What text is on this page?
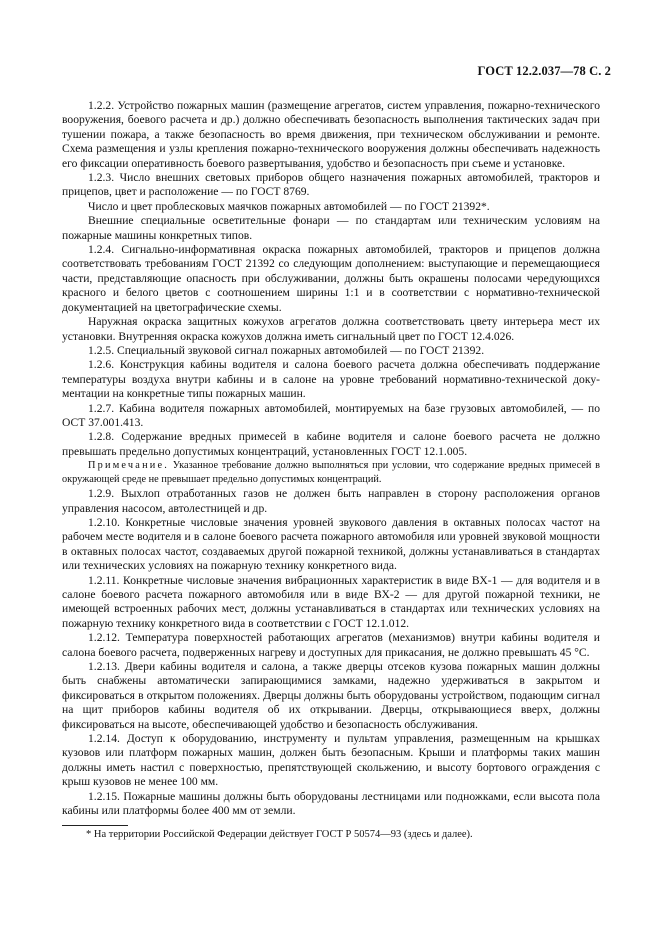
ГОСТ 12.2.037—78 С. 2

1.2.2. Устройство пожарных машин (размещение агрегатов, систем управления, пожарно-технического вооружения, боевого расчета и др.) должно обеспечивать безопасность выполнения тактических задач при тушении пожара, а также безопасность во время движения, при техническом обслуживании и ремонте. Схема размещения и узлы крепления пожарно-технического вооружения должны обеспечивать надежность его фиксации оперативность боевого развертывания, удобство и безопасность при съеме и установке.

1.2.3. Число внешних световых приборов общего назначения пожарных автомобилей, тракторов и прицепов, цвет и расположение — по ГОСТ 8769.

Число и цвет проблесковых маячков пожарных автомобилей — по ГОСТ 21392*.

Внешние специальные осветительные фонари — по стандартам или техническим условиям на пожарные машины конкретных типов.

1.2.4. Сигнально-информативная окраска пожарных автомобилей, тракторов и прицепов должна соответствовать требованиям ГОСТ 21392 со следующим дополнением: выступающие и перемещающиеся части, представляющие опасность при обслуживании, должны быть окрашены полосами чередующихся красного и белого цветов с соотношением ширины 1:1 и в соответствии с нормативно-технической документацией на цветографические схемы.

Наружная окраска защитных кожухов агрегатов должна соответствовать цвету интерьера мест их установки. Внутренняя окраска кожухов должна иметь сигнальный цвет по ГОСТ 12.4.026.

1.2.5. Специальный звуковой сигнал пожарных автомобилей — по ГОСТ 21392.

1.2.6. Конструкция кабины водителя и салона боевого расчета должна обеспечивать поддержание температуры воздуха внутри кабины и в салоне на уровне требований нормативно-технической документации на конкретные типы пожарных машин.

1.2.7. Кабина водителя пожарных автомобилей, монтируемых на базе грузовых автомобилей, — по ОСТ 37.001.413.

1.2.8. Содержание вредных примесей в кабине водителя и салоне боевого расчета не должно превышать предельно допустимых концентраций, установленных ГОСТ 12.1.005.

Примечание. Указанное требование должно выполняться при условии, что содержание вредных примесей в окружающей среде не превышает предельно допустимых концентраций.

1.2.9. Выхлоп отработанных газов не должен быть направлен в сторону расположения органов управления насосом, автолестницей и др.

1.2.10. Конкретные числовые значения уровней звукового давления в октавных полосах частот на рабочем месте водителя и в салоне боевого расчета пожарного автомобиля или уровней звуковой мощности в октавных полосах частот, создаваемых другой пожарной техникой, должны устанавливаться в стандартах или технических условиях на пожарную технику конкретного вида.

1.2.11. Конкретные числовые значения вибрационных характеристик в виде ВХ-1 — для водителя и в салоне боевого расчета пожарного автомобиля или в виде ВХ-2 — для другой пожарной техники, не имеющей встроенных рабочих мест, должны устанавливаться в стандартах или технических условиях на пожарную технику конкретного вида в соответствии с ГОСТ 12.1.012.

1.2.12. Температура поверхностей работающих агрегатов (механизмов) внутри кабины водителя и салона боевого расчета, подверженных нагреву и доступных для прикасания, не должно превышать 45 °С.

1.2.13. Двери кабины водителя и салона, а также дверцы отсеков кузова пожарных машин должны быть снабжены автоматически запирающимися замками, надежно удерживаться в закрытом и фиксироваться в открытом положениях. Дверцы должны быть оборудованы устройством, подающим сигнал на щит приборов кабины водителя об их открывании. Дверцы, открывающиеся вверх, должны фиксироваться на высоте, обеспечивающей удобство и безопасность обслуживания.

1.2.14. Доступ к оборудованию, инструменту и пультам управления, размещенным на крышках кузовов или платформ пожарных машин, должен быть безопасным. Крыши и платформы таких машин должны иметь настил с поверхностью, препятствующей скольжению, и высоту бортового ограждения с крыш кузовов не менее 100 мм.

1.2.15. Пожарные машины должны быть оборудованы лестницами или подножками, если высота пола кабины или платформы более 400 мм от земли.

* На территории Российской Федерации действует ГОСТ Р 50574—93 (здесь и далее).
